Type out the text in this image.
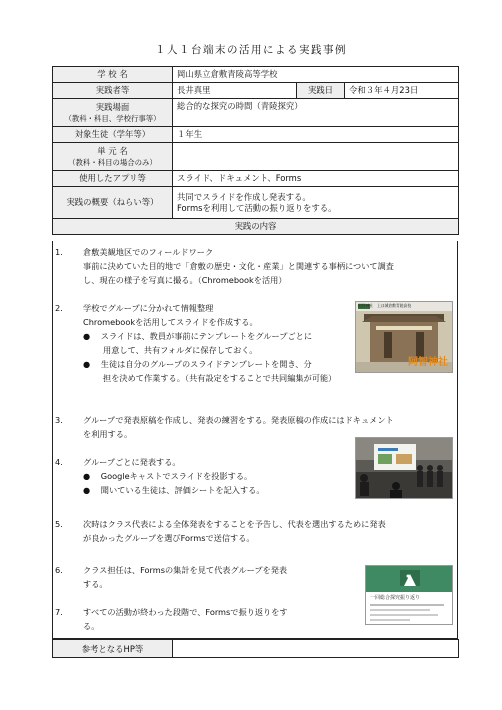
１人１台端末の活用による実践事例
学 校 名	岡山県立倉敷青陵高等学校		
実践者等	長井真里	実践日	令和３年４月23日
実践場面
（教科・科目、学校行事等）	総合的な探究の時間（青陵探究）		
対象生徒（学年等）	１年生		
単 元 名
（教科・科目の場合のみ）			

使用したアプリ等	スライド、ドキュメント、Forms		
実践の概要（ねらい等）	共同でスライドを作成し発表する。
Formsを利用して活動の振り返りをする。		

実践の内容			
1. 倉敷美観地区でのフィールドワーク
事前に決めていた目的地で「倉敷の歴史・文化・産業」と関連する事柄について調査
し、現在の様子を写真に撮る。（Chromebookを活用）
2. 学校でグループに分かれて情報整理
Chromebookを活用してスライドを作成する。
● スライドは、教員が事前にテンプレートをグループごとに
用意して、共有フォルダに保存しておく。
● 生徒は自分のグループのスライドテンプレートを開き、分
担を決めて作業する。（共有設定をすることで共同編集が可能）
阿智神社　上ほ城倉敷青陵高校
阿智神社
3. グループで発表原稿を作成し、発表の練習をする。発表原稿の作成にはドキュメント
を利用する。
4. グループごとに発表する。
● Googleキャストでスライドを投影する。
● 聞いている生徒は、評価シートを記入する。
5. 次時はクラス代表による全体発表をすることを予告し、代表を選出するために発表
が良かったグループを選びFormsで送信する。
6. クラス担任は、Formsの集計を見て代表グループを発表
する。
一回総合探究振り返り
7. すべての活動が終わった段階で、Formsで振り返りをす
る。
参考となるHP等	
